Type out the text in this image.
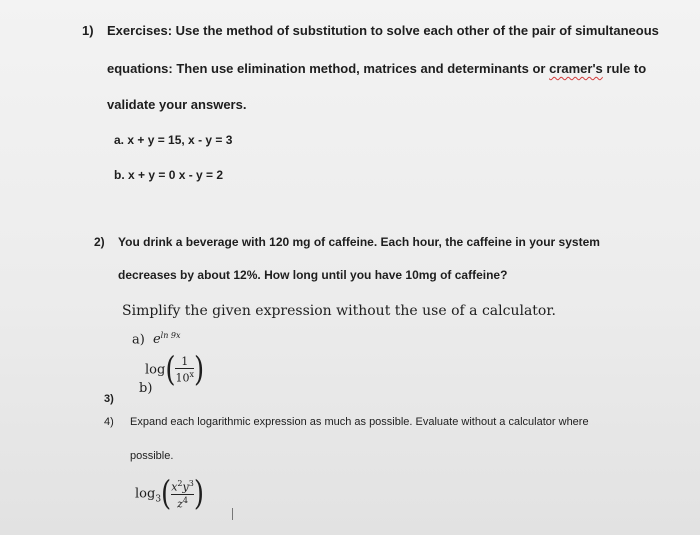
1) Exercises: Use the method of substitution to solve each other of the pair of simultaneous
equations: Then use elimination method, matrices and determinants or cramer's rule to
validate your answers.
a. x + y = 15, x - y = 3
b. x + y = 0 x - y = 2
2) You drink a beverage with 120 mg of caffeine. Each hour, the caffeine in your system
decreases by about 12%. How long until you have 10mg of caffeine?
Simplify the given expression without the use of a calculator.
a) $e^{ln 9x}$
$\log( \frac{1}{10^x}$ )
b)
3)
4) Expand each logarithmic expression as much as possible. Evaluate without a calculator where
possible.
$\log_3( \frac{x^2y^3}{z^4}$ )
